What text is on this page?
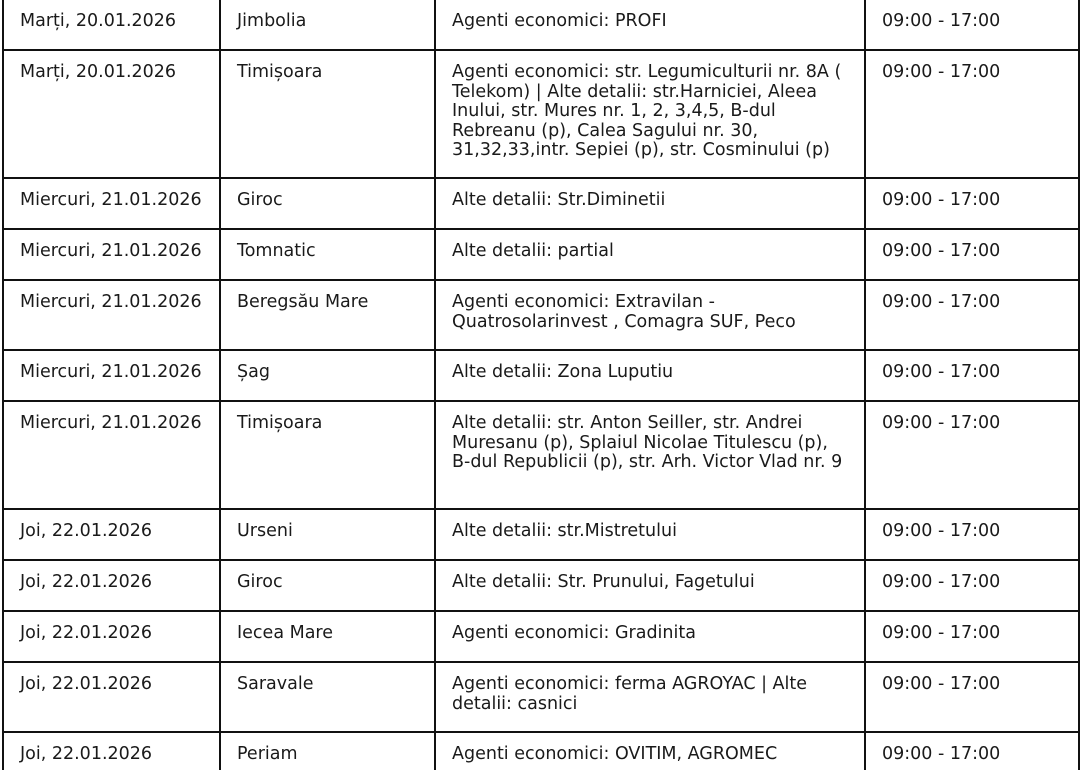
Marți, 20.01.2026	Jimbolia	Agenti economici: PROFI	09:00 - 17:00
Marți, 20.01.2026	Timișoara	Agenti economici: str. Legumiculturii nr. 8A ( Telekom) | Alte detalii: str.Harniciei, Aleea Inului, str. Mures nr. 1, 2, 3,4,5, B-dul Rebreanu (p), Calea Sagului nr. 30, 31,32,33,intr. Sepiei (p), str. Cosminului (p)	09:00 - 17:00
Miercuri, 21.01.2026	Giroc	Alte detalii: Str.Diminetii	09:00 - 17:00
Miercuri, 21.01.2026	Tomnatic	Alte detalii: partial	09:00 - 17:00
Miercuri, 21.01.2026	Beregsău Mare	Agenti economici: Extravilan - Quatrosolarinvest , Comagra SUF, Peco	09:00 - 17:00
Miercuri, 21.01.2026	Șag	Alte detalii: Zona Luputiu	09:00 - 17:00
Miercuri, 21.01.2026	Timișoara	Alte detalii: str. Anton Seiller, str. Andrei Muresanu (p), Splaiul Nicolae Titulescu (p), B-dul Republicii (p), str. Arh. Victor Vlad nr. 9	09:00 - 17:00
Joi, 22.01.2026	Urseni	Alte detalii: str.Mistretului	09:00 - 17:00
Joi, 22.01.2026	Giroc	Alte detalii: Str. Prunului, Fagetului	09:00 - 17:00
Joi, 22.01.2026	Iecea Mare	Agenti economici: Gradinita	09:00 - 17:00
Joi, 22.01.2026	Saravale	Agenti economici: ferma AGROYAC | Alte detalii: casnici	09:00 - 17:00
Joi, 22.01.2026	Periam	Agenti economici: OVITIM, AGROMEC	09:00 - 17:00
